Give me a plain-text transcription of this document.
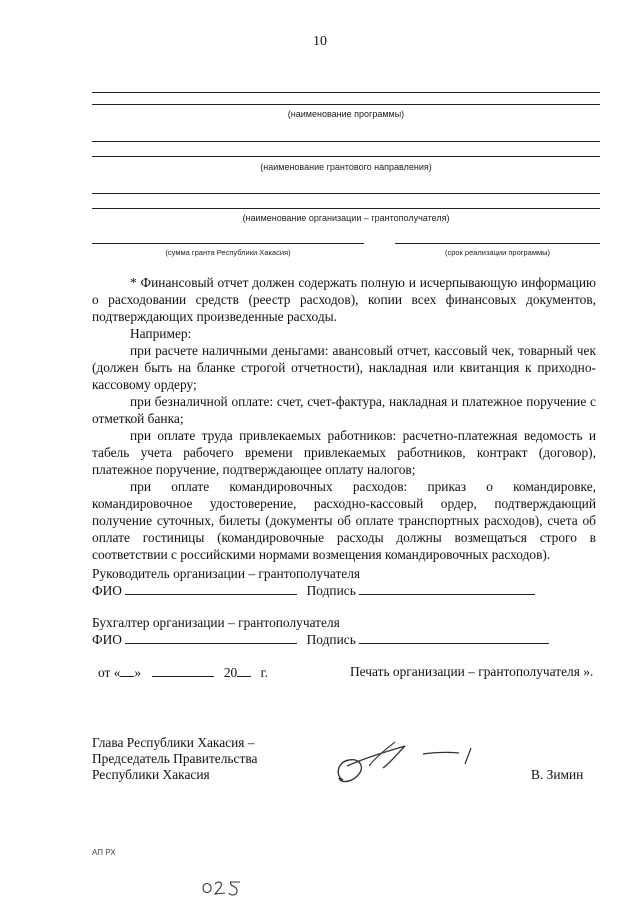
10
(наименование программы)
(наименование грантового направления)
(наименование организации – грантополучателя)
(сумма гранта Республики Хакасия)	(срок реализации программы)

* Финансовый отчет должен содержать полную и исчерпывающую информацию о расходовании средств (реестр расходов), копии всех финансовых документов, подтверждающих произведенные расходы.

Например:

при расчете наличными деньгами: авансовый отчет, кассовый чек, товарный чек (должен быть на бланке строгой отчетности), накладная или квитанция к приходно-кассовому ордеру;

при безналичной оплате: счет, счет-фактура, накладная и платежное поручение с отметкой банка;

при оплате труда привлекаемых работников: расчетно-платежная ведомость и табель учета рабочего времени привлекаемых работников, контракт (договор), платежное поручение, подтверждающее оплату налогов;

при оплате командировочных расходов: приказ о командировке, командировочное удостоверение, расходно-кассовый ордер, подтверждающий получение суточных, билеты (документы об оплате транспортных расходов), счета об оплате гостиницы (командировочные расходы должны возмещаться строго в соответствии с российскими нормами возмещения командировочных расходов).

Руководитель организации – грантополучателя
ФИО	Подпись
Бухгалтер организации – грантополучателя
ФИО	Подпись
от « »	20 г.	Печать организации – грантополучателя ».
Глава Республики Хакасия –
Председатель Правительства
Республики Хакасия	В. Зимин
АП РХ
